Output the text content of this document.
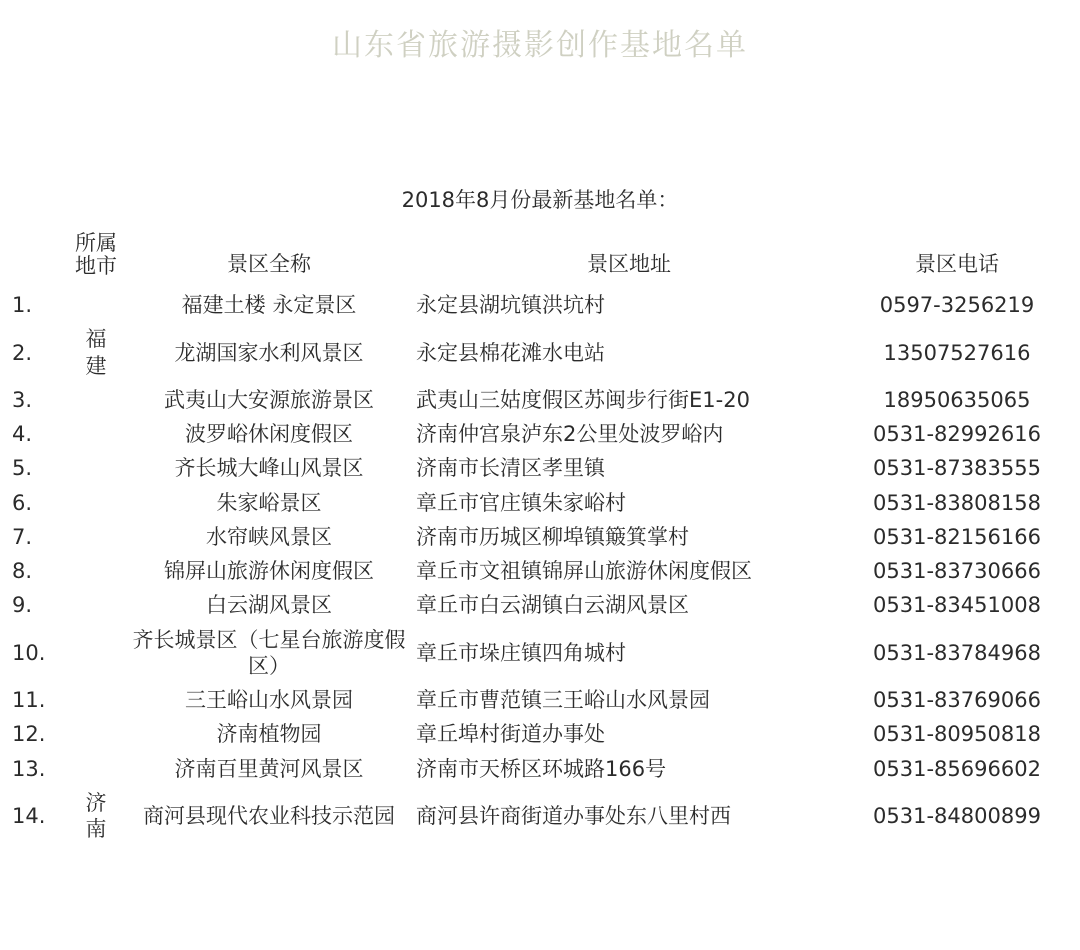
山东省旅游摄影创作基地名单
2018年8月份最新基地名单：
	所属地市	景区全称	景区地址	景区电话
1.		福建土楼 永定景区	永定县湖坑镇洪坑村	0597-3256219
2.	福建	龙湖国家水利风景区	永定县棉花滩水电站	13507527616
3.		武夷山大安源旅游景区	武夷山三姑度假区苏闽步行街E1-20	18950635065
4.		波罗峪休闲度假区	济南仲宫泉泸东2公里处波罗峪内	0531-82992616
5.		齐长城大峰山风景区	济南市长清区孝里镇	0531-87383555
6.		朱家峪景区	章丘市官庄镇朱家峪村	0531-83808158
7.		水帘峡风景区	济南市历城区柳埠镇簸箕掌村	0531-82156166
8.		锦屏山旅游休闲度假区	章丘市文祖镇锦屏山旅游休闲度假区	0531-83730666
9.		白云湖风景区	章丘市白云湖镇白云湖风景区	0531-83451008
10.		齐长城景区（七星台旅游度假区）	章丘市垛庄镇四角城村	0531-83784968
11.		三王峪山水风景园	章丘市曹范镇三王峪山水风景园	0531-83769066
12.		济南植物园	章丘埠村街道办事处	0531-80950818
13.		济南百里黄河风景区	济南市天桥区环城路166号	0531-85696602
14.	济南	商河县现代农业科技示范园	商河县许商街道办事处东八里村西	0531-84800899
